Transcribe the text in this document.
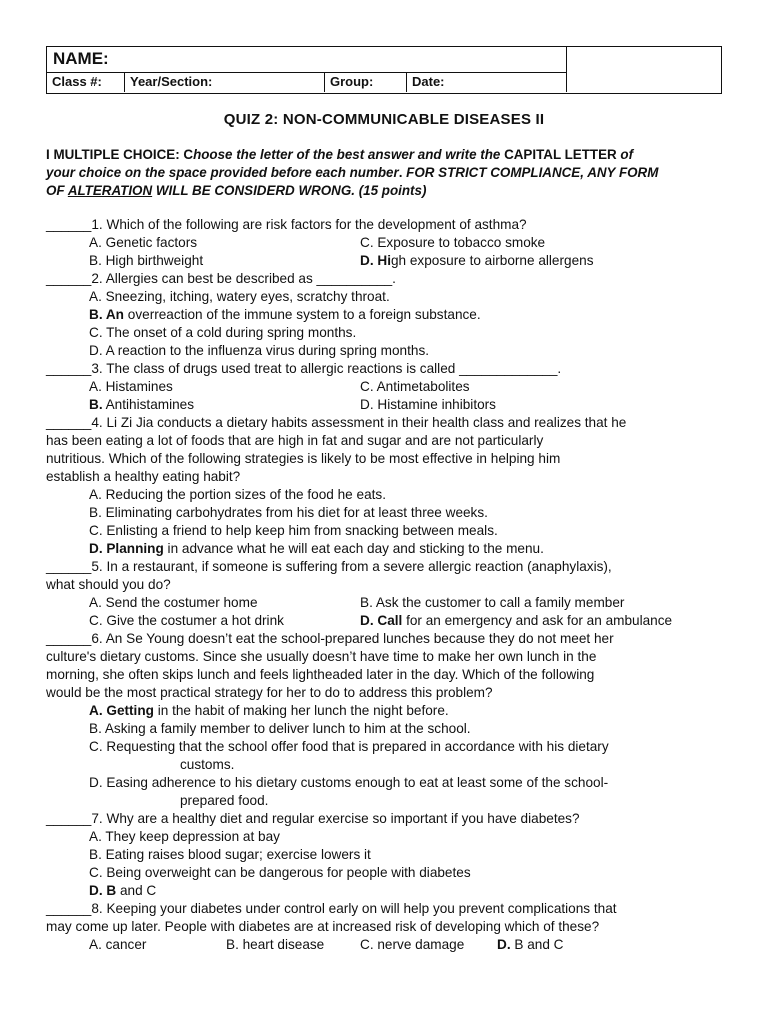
NAME:
Class #:	Year/Section:	Group:	Date:
QUIZ 2: NON-COMMUNICABLE DISEASES II
I MULTIPLE CHOICE: Choose the letter of the best answer and write the CAPITAL LETTER of
your choice on the space provided before each number. FOR STRICT COMPLIANCE, ANY FORM
OF ALTERATION WILL BE CONSIDERD WRONG. (15 points)
______1. Which of the following are risk factors for the development of asthma?
A. Genetic factors	C. Exposure to tobacco smoke
B. High birthweight	D. High exposure to airborne allergens
______2. Allergies can best be described as __________.
A. Sneezing, itching, watery eyes, scratchy throat.
B. An overreaction of the immune system to a foreign substance.
C. The onset of a cold during spring months.
D. A reaction to the influenza virus during spring months.
______3. The class of drugs used treat to allergic reactions is called _____________.
A. Histamines	C. Antimetabolites
B. Antihistamines	D. Histamine inhibitors
______4. Li Zi Jia conducts a dietary habits assessment in their health class and realizes that he
has been eating a lot of foods that are high in fat and sugar and are not particularly
nutritious. Which of the following strategies is likely to be most effective in helping him
establish a healthy eating habit?
A. Reducing the portion sizes of the food he eats.
B. Eliminating carbohydrates from his diet for at least three weeks.
C. Enlisting a friend to help keep him from snacking between meals.
D. Planning in advance what he will eat each day and sticking to the menu.
______5. In a restaurant, if someone is suffering from a severe allergic reaction (anaphylaxis),
what should you do?
A. Send the costumer home	B. Ask the customer to call a family member
C. Give the costumer a hot drink	D. Call for an emergency and ask for an ambulance
______6. An Se Young doesn’t eat the school-prepared lunches because they do not meet her
culture's dietary customs. Since she usually doesn’t have time to make her own lunch in the
morning, she often skips lunch and feels lightheaded later in the day. Which of the following
would be the most practical strategy for her to do to address this problem?
A. Getting in the habit of making her lunch the night before.
B. Asking a family member to deliver lunch to him at the school.
C. Requesting that the school offer food that is prepared in accordance with his dietary
customs.
D. Easing adherence to his dietary customs enough to eat at least some of the school-
prepared food.
______7. Why are a healthy diet and regular exercise so important if you have diabetes?
A. They keep depression at bay
B. Eating raises blood sugar; exercise lowers it
C. Being overweight can be dangerous for people with diabetes
D. B and C
______8. Keeping your diabetes under control early on will help you prevent complications that
may come up later. People with diabetes are at increased risk of developing which of these?
A. cancer	B. heart disease	C. nerve damage D. B and C
